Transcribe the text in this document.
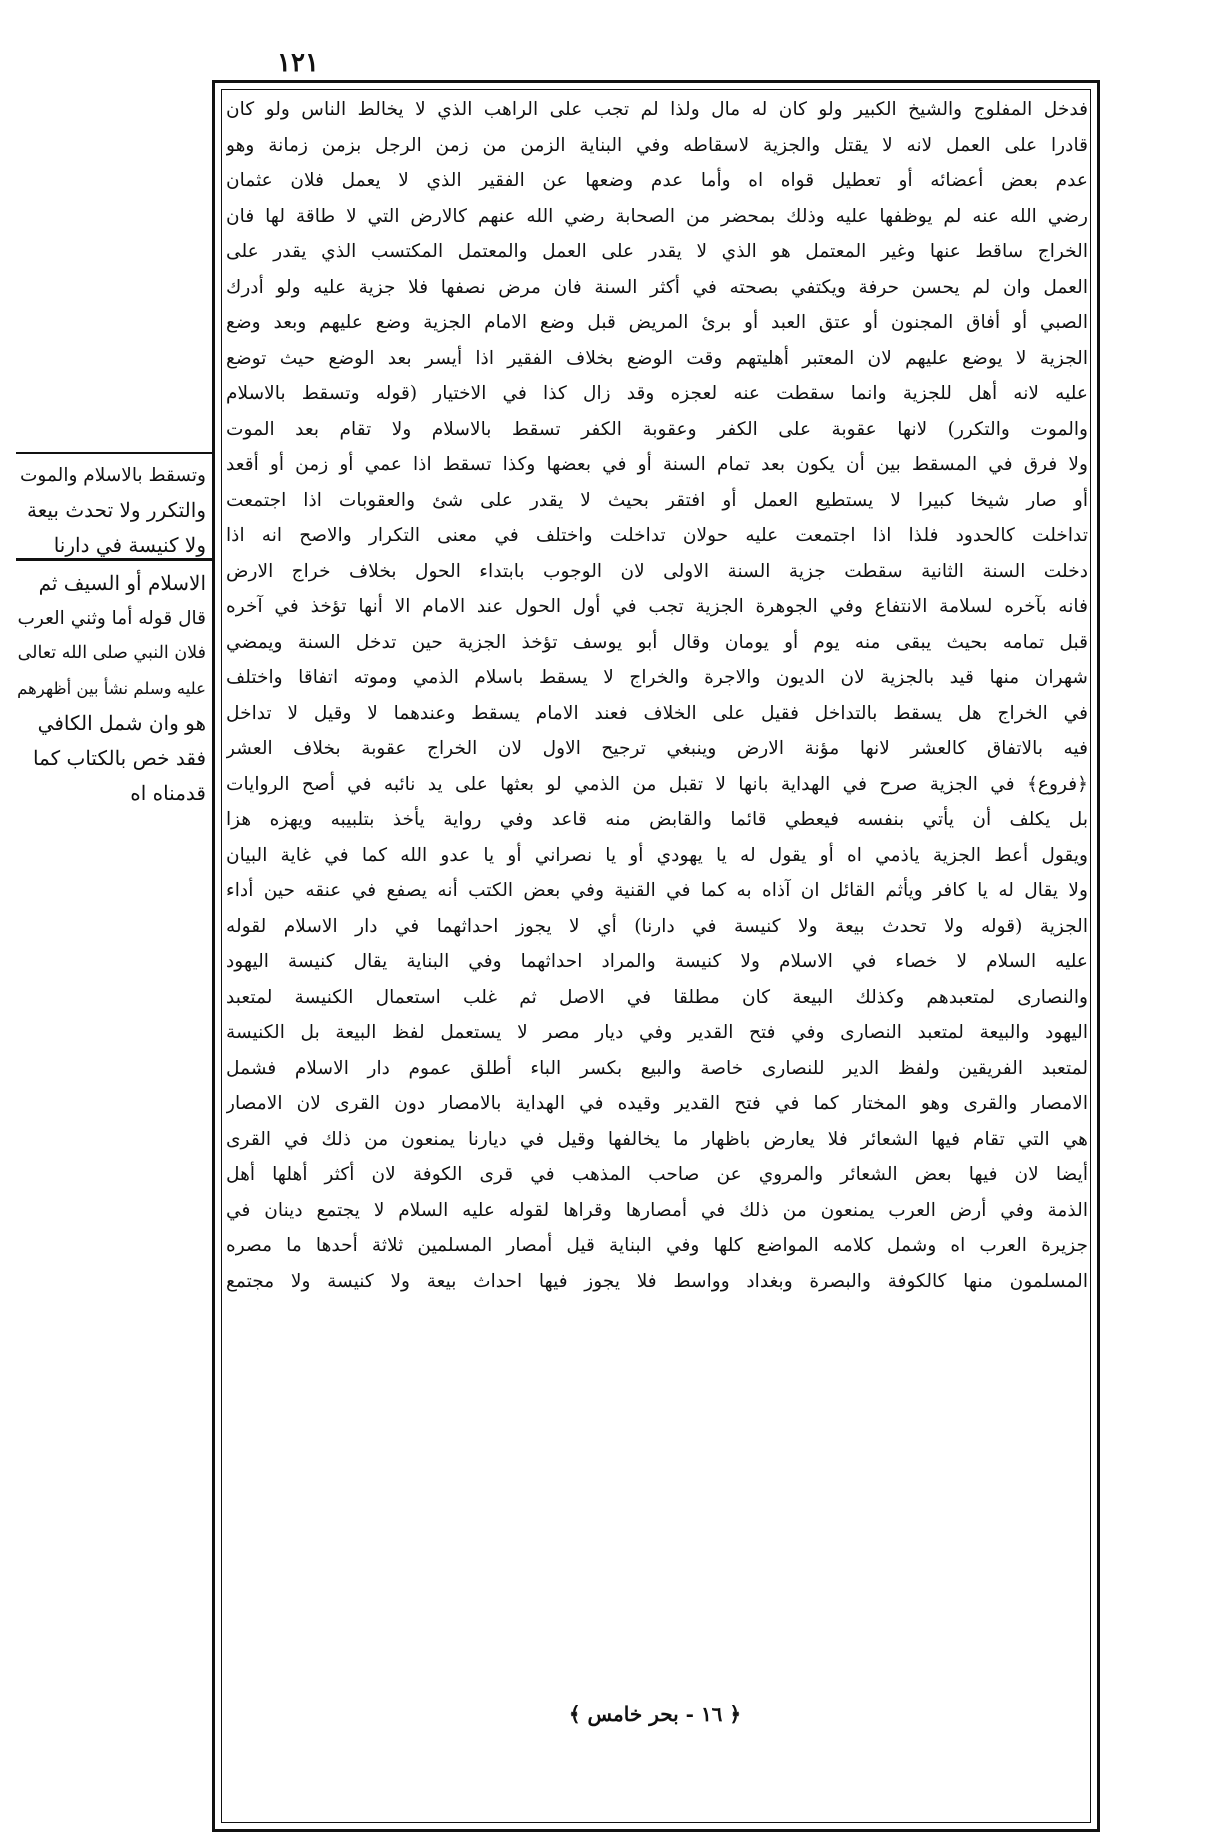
١٢١
فدخل المفلوج والشيخ الكبير ولو كان له مال ولذا لم تجب على الراهب الذي لا يخالط الناس ولو كان
قادرا على العمل لانه لا يقتل والجزية لاسقاطه وفي البناية الزمن من زمن الرجل بزمن زمانة وهو
عدم بعض أعضائه أو تعطيل قواه اه وأما عدم وضعها عن الفقير الذي لا يعمل فلان عثمان
رضي الله عنه لم يوظفها عليه وذلك بمحضر من الصحابة رضي الله عنهم كالارض التي لا طاقة لها فان
الخراج ساقط عنها وغير المعتمل هو الذي لا يقدر على العمل والمعتمل المكتسب الذي يقدر على
العمل وان لم يحسن حرفة ويكتفي بصحته في أكثر السنة فان مرض نصفها فلا جزية عليه ولو أدرك
الصبي أو أفاق المجنون أو عتق العبد أو برئ المريض قبل وضع الامام الجزية وضع عليهم وبعد وضع
الجزية لا يوضع عليهم لان المعتبر أهليتهم وقت الوضع بخلاف الفقير اذا أيسر بعد الوضع حيث توضع
عليه لانه أهل للجزية وانما سقطت عنه لعجزه وقد زال كذا في الاختيار (قوله وتسقط بالاسلام
والموت والتكرر) لانها عقوبة على الكفر وعقوبة الكفر تسقط بالاسلام ولا تقام بعد الموت
ولا فرق في المسقط بين أن يكون بعد تمام السنة أو في بعضها وكذا تسقط اذا عمي أو زمن أو أقعد
أو صار شيخا كبيرا لا يستطيع العمل أو افتقر بحيث لا يقدر على شئ والعقوبات اذا اجتمعت
تداخلت كالحدود فلذا اذا اجتمعت عليه حولان تداخلت واختلف في معنى التكرار والاصح انه اذا
دخلت السنة الثانية سقطت جزية السنة الاولى لان الوجوب بابتداء الحول بخلاف خراج الارض
فانه بآخره لسلامة الانتفاع وفي الجوهرة الجزية تجب في أول الحول عند الامام الا أنها تؤخذ في آخره
قبل تمامه بحيث يبقى منه يوم أو يومان وقال أبو يوسف تؤخذ الجزية حين تدخل السنة ويمضي
شهران منها قيد بالجزية لان الديون والاجرة والخراج لا يسقط باسلام الذمي وموته اتفاقا واختلف
في الخراج هل يسقط بالتداخل فقيل على الخلاف فعند الامام يسقط وعندهما لا وقيل لا تداخل
فيه بالاتفاق كالعشر لانها مؤنة الارض وينبغي ترجيح الاول لان الخراج عقوبة بخلاف العشر
﴿فروع﴾ في الجزية صرح في الهداية بانها لا تقبل من الذمي لو بعثها على يد نائبه في أصح الروايات
بل يكلف أن يأتي بنفسه فيعطي قائما والقابض منه قاعد وفي رواية يأخذ بتلبيبه ويهزه هزا
ويقول أعط الجزية ياذمي اه أو يقول له يا يهودي أو يا نصراني أو يا عدو الله كما في غاية البيان
ولا يقال له يا كافر ويأثم القائل ان آذاه به كما في القنية وفي بعض الكتب أنه يصفع في عنقه حين أداء
الجزية (قوله ولا تحدث بيعة ولا كنيسة في دارنا) أي لا يجوز احداثهما في دار الاسلام لقوله
عليه السلام لا خصاء في الاسلام ولا كنيسة والمراد احداثهما وفي البناية يقال كنيسة اليهود
والنصارى لمتعبدهم وكذلك البيعة كان مطلقا في الاصل ثم غلب استعمال الكنيسة لمتعبد
اليهود والبيعة لمتعبد النصارى وفي فتح القدير وفي ديار مصر لا يستعمل لفظ البيعة بل الكنيسة
لمتعبد الفريقين ولفظ الدير للنصارى خاصة والبيع بكسر الباء أطلق عموم دار الاسلام فشمل
الامصار والقرى وهو المختار كما في فتح القدير وقيده في الهداية بالامصار دون القرى لان الامصار
هي التي تقام فيها الشعائر فلا يعارض باظهار ما يخالفها وقيل في ديارنا يمنعون من ذلك في القرى
أيضا لان فيها بعض الشعائر والمروي عن صاحب المذهب في قرى الكوفة لان أكثر أهلها أهل
الذمة وفي أرض العرب يمنعون من ذلك في أمصارها وقراها لقوله عليه السلام لا يجتمع دينان في
جزيرة العرب اه وشمل كلامه المواضع كلها وفي البناية قيل أمصار المسلمين ثلاثة أحدها ما مصره
المسلمون منها كالكوفة والبصرة وبغداد وواسط فلا يجوز فيها احداث بيعة ولا كنيسة ولا مجتمع
وتسقط بالاسلام والموت
والتكرر ولا تحدث بيعة
ولا كنيسة في دارنا
الاسلام أو السيف ثم
قال قوله أما وثني العرب
فلان النبي صلى الله تعالى
عليه وسلم نشأ بين أظهرهم
هو وان شمل الكافي
فقد خص بالكتاب كما
قدمناه اه
﴿ ١٦ - بحر خامس ﴾
